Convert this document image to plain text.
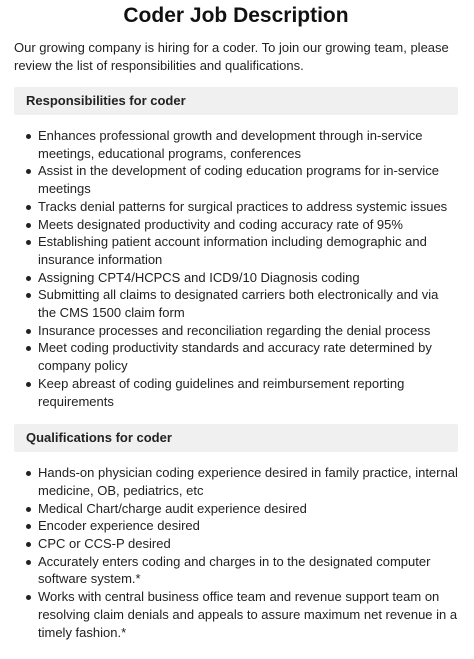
Coder Job Description

Our growing company is hiring for a coder. To join our growing team, please review the list of responsibilities and qualifications.

Responsibilities for coder
Enhances professional growth and development through in-service meetings, educational programs, conferences
Assist in the development of coding education programs for in-service meetings
Tracks denial patterns for surgical practices to address systemic issues
Meets designated productivity and coding accuracy rate of 95%
Establishing patient account information including demographic and insurance information
Assigning CPT4/HCPCS and ICD9/10 Diagnosis coding
Submitting all claims to designated carriers both electronically and via the CMS 1500 claim form
Insurance processes and reconciliation regarding the denial process
Meet coding productivity standards and accuracy rate determined by company policy
Keep abreast of coding guidelines and reimbursement reporting requirements
Qualifications for coder
Hands-on physician coding experience desired in family practice, internal medicine, OB, pediatrics, etc
Medical Chart/charge audit experience desired
Encoder experience desired
CPC or CCS-P desired
Accurately enters coding and charges in to the designated computer software system.*
Works with central business office team and revenue support team on resolving claim denials and appeals to assure maximum net revenue in a timely fashion.*
